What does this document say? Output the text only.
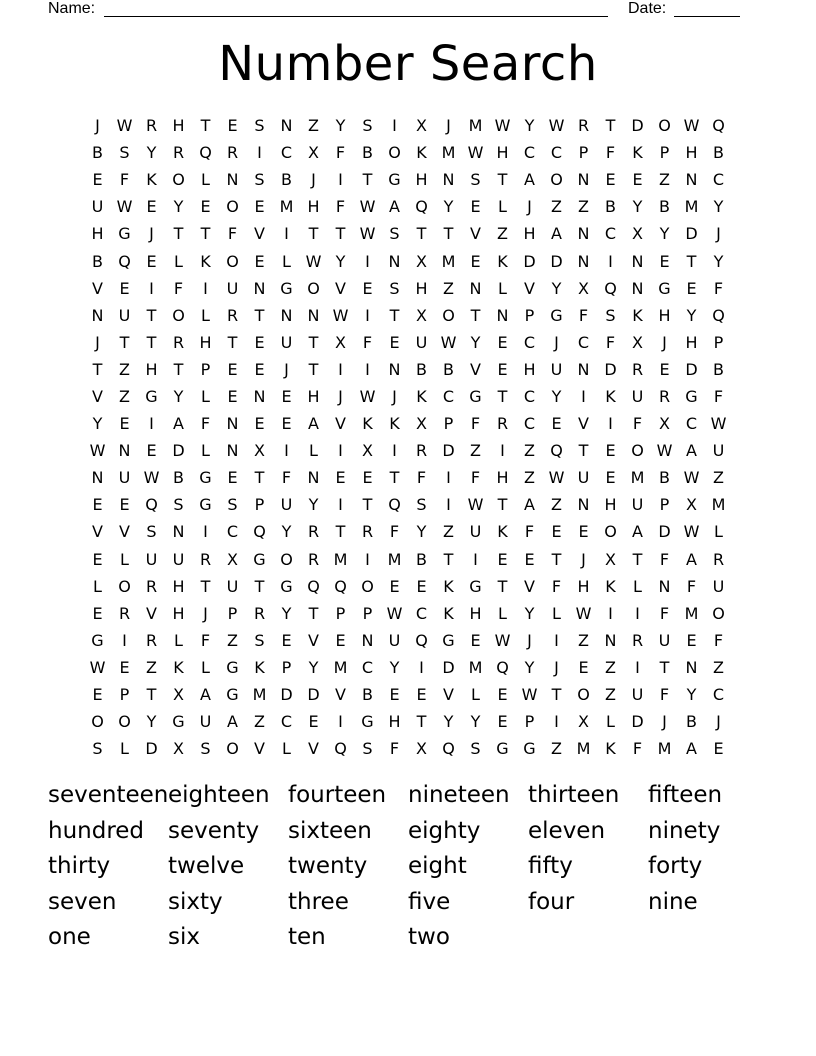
Name:	Date:
Number Search
J	W R H	T	E	S N Z	Y	S	I	X	J	M W Y W R	T D O W Q
B	S	Y	R Q R	I	C X	F	B O K M W H C C	P	F	K	P	H B
E	F	K O	L	N S	B	J	I	T G H N S	T	A O N E	E	Z N C
U W E	Y	E O E M H	F W A Q Y	E	L	J	Z	Z	B	Y	B M Y
H G	J	T	T	F	V	I	T	T W S	T	T	V	Z H A N C X	Y D	J
B Q E	L	K O E	L W Y	I	N X M E	K D D N	I	N E	T	Y
V	E	I	F	I	U N G O V	E	S H Z N	L	V	Y	X Q N G E	F
N U	T O	L	R	T	N N W	I	T	X O T	N	P G	F	S	K H	Y Q
J	T	T	R H	T	E	U	T	X	F	E	U W Y	E	C	J	C	F	X	J	H	P
T	Z H	T	P	E	E	J	T	I	I	N B	B	V	E H U N D R	E D B
V	Z G Y	L	E N E H	J	W	J	K	C G T	C	Y	I	K U R G	F
Y	E	I	A	F	N E	E	A	V	K	K	X	P	F	R C	E	V	I	F	X C W
W N E D	L	N X	I	L	I	X	I	R D Z	I	Z Q T	E O W A U
N U W B G E	T	F	N E	E	T	F	I	F	H Z W U	E M B W Z
E	E Q S G S	P	U	Y	I	T Q S	I	W T	A	Z N H U	P	X M
V	V	S N	I	C Q Y	R	T	R	F	Y	Z U K	F	E	E O A D W L
E	L	U U R X G O R M	I	M B	T	I	E	E	T	J	X	T	F	A R
L	O R H	T	U	T G Q Q O E	E	K G T	V	F	H K	L	N	F	U
E	R V H	J	P	R	Y	T	P	P W C	K H	L	Y	L W	I	I	F M O
G	I	R	L	F	Z	S	E	V	E N U Q G E W	J	I	Z N R U	E	F
W E	Z	K	L	G K	P	Y M C	Y	I	D M Q Y	J	E	Z	I	T	N Z
E	P	T	X	A G M D D V	B	E	E	V	L	E W T O Z U	F	Y	C
O O Y G U A	Z C	E	I	G H	T	Y	Y	E	P	I	X	L	D	J	B	J
S	L	D X	S O V	L	V Q S	F	X Q S G G Z M K	F M A	E
seventeen eighteen fourteen nineteen thirteen	fifteen
hundred	seventy	sixteen	eighty	eleven	ninety
thirty	twelve	twenty	eight	fifty	forty
seven	sixty	three	five	four	nine
one	six	ten	two
